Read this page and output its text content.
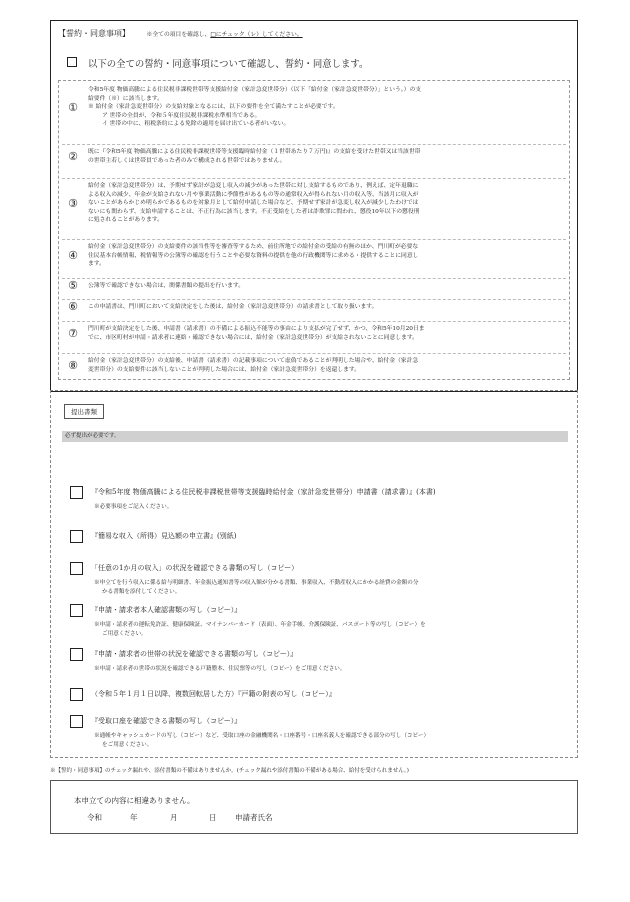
【誓約・同意事項】	※全ての項目を確認し、□にチェック（レ）してください。
以下の全ての誓約・同意事項について確認し、誓約・同意します。
①
令和5年度 物価高騰による住民税非課税世帯等支援給付金（家計急変世帯分）（以下「給付金（家計急変世帯分）」という。）の支
給要件（※）に該当します。
※ 給付金（家計急変世帯分）の支給対象となるには、以下の要件を全て満たすことが必要です。
ア 世帯の全員が、令和５年度住民税非課税水準相当である。
イ 世帯の中に、租税条約による免除の適用を届け出ている者がいない。
②	既に『令和5年度 物価高騰による住民税非課税世帯等支援臨時給付金（１世帯あたり７万円)』の支給を受けた世帯又は当該世帯
の世帯主若しくは世帯員であった者のみで構成される世帯ではありません。
③
給付金（家計急変世帯分）は、予期せず家計が急変し収入の減少があった世帯に対し支給するものであり、例えば、定年退職に
よる収入の減少、年金が支給されない月や事業活動に季節性があるもの等の通常収入が得られない月の収入等、当該月に収入が
ないことがあらかじめ明らかであるものを対象月として給付申請した場合など、予期せず家計が急変し収入が減少したわけでは
ないにも関わらず、支給申請することは、不正行為に該当します。不正受給をした者は詐欺罪に問われ、懲役10年以下の懲役刑
に処されることがあります。
④
給付金（家計急変世帯分）の支給要件の該当性等を審査等するため、前住所地での給付金の受給の有無のほか、門川町が必要な
住民基本台帳情報、税情報等の公簿等の確認を行うことや必要な資料の提供を他の行政機関等に求める・提供することに同意し
ます。
⑤	公簿等で確認できない場合は、関係書類の提出を行います。
⑥	この申請書は、門川町において支給決定をした後は、給付金（家計急変世帯分）の請求書として取り扱います。
⑦	門川町が支給決定をした後、申請書（請求書）の不備による振込不能等の事由により支払が完了せず、かつ、令和5年10月20日ま
でに、市区町村が申請・請求者に連絡・確認できない場合には、給付金（家計急変世帯分）が支給されないことに同意します。
⑧	給付金（家計急変世帯分）の支給後、申請書（請求書）の記載事項について虚偽であることが判明した場合や、給付金（家計急
変世帯分）の支給要件に該当しないことが判明した場合には、給付金（家計急変世帯分）を返還します。
提出書類
必ず提出が必要です。
『令和5年度 物価高騰による住民税非課税世帯等支援臨時給付金（家計急変世帯分）申請書（請求書）』(本書)
※必要事項をご記入ください。
『簡易な収入（所得）見込額の申立書』(別紙)
「任意の1か月の収入」の状況を確認できる書類の写し（コピー）
※申立てを行う収入に係る給与明細書、年金振込通知書等の収入額が分かる書類、事業収入、不動産収入にかかる経費の金額の分
かる書類を添付してください。
『申請・請求者本人確認書類の写し（コピー）』
※申請・請求者の運転免許証、健康保険証、マイナンバーカード（表面）、年金手帳、介護保険証、パスポート等の写し（コピー）を
ご用意ください。
『申請・請求者の世帯の状況を確認できる書類の写し（コピー）』
※申請・請求者の世帯の状況を確認できる戸籍謄本、住民票等の写し（コピー）をご用意ください。
（令和５年１月１日以降、複数回転居した方）『戸籍の附表の写し（コピー）』
『受取口座を確認できる書類の写し（コピー）』
※通帳やキャッシュカードの写し（コピー）など、受取口座の金融機関名・口座番号・口座名義人を確認できる部分の写し（コピー）
をご用意ください。
※【誓約・同意事項】のチェック漏れや、添付書類の不備はありませんか。(チェック漏れや添付書類の不備がある場合、給付を受けられません。)
本申立ての内容に相違ありません。
令和	年	月	日 申請者氏名
